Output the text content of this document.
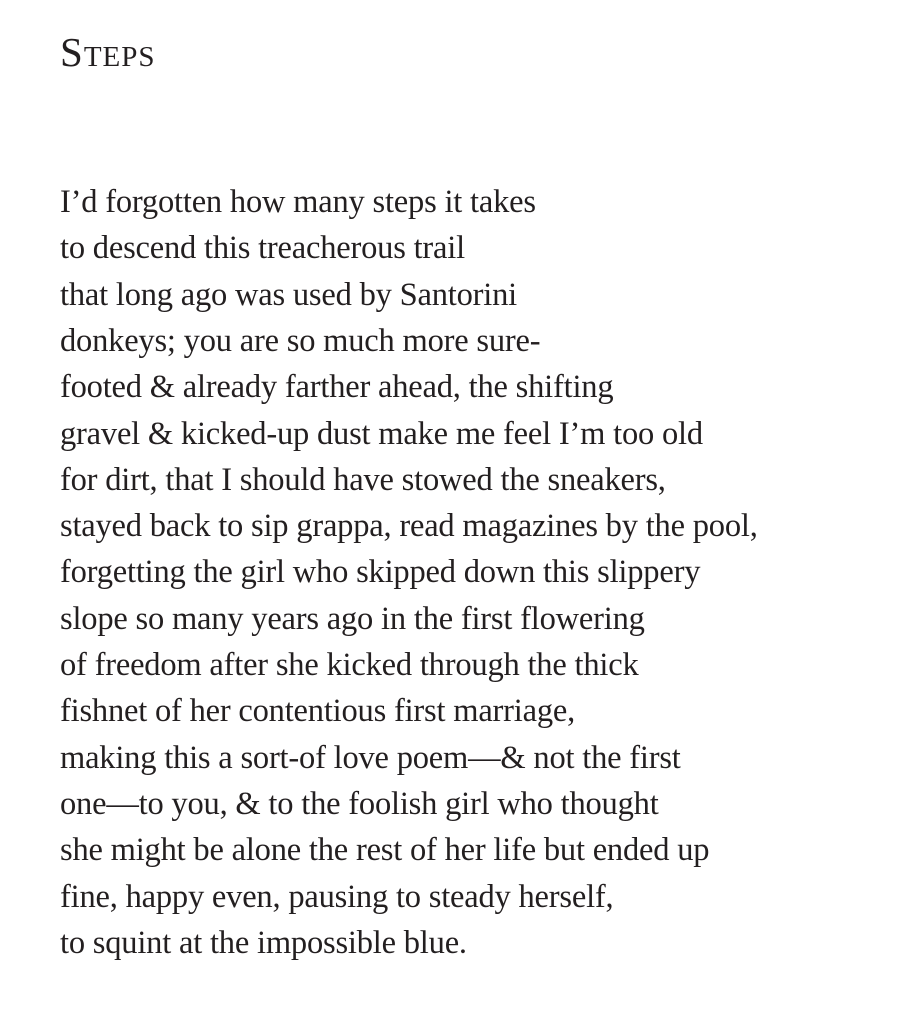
Steps
I’d forgotten how many steps it takes
to descend this treacherous trail
that long ago was used by Santorini
donkeys; you are so much more sure-
footed & already farther ahead, the shifting
gravel & kicked-up dust make me feel I’m too old
for dirt, that I should have stowed the sneakers,
stayed back to sip grappa, read magazines by the pool,
forgetting the girl who skipped down this slippery
slope so many years ago in the first flowering
of freedom after she kicked through the thick
fishnet of her contentious first marriage,
making this a sort-of love poem—& not the first
one—to you, & to the foolish girl who thought
she might be alone the rest of her life but ended up
fine, happy even, pausing to steady herself,
to squint at the impossible blue.
